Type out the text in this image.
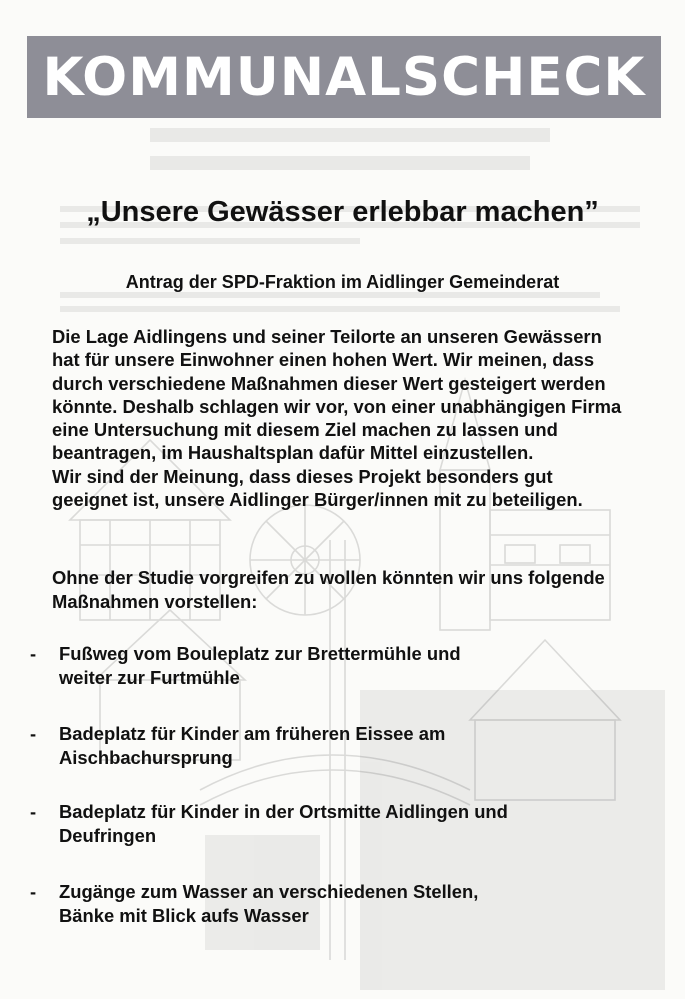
KOMMUNALSCHECK
„Unsere Gewässer erlebbar machen”
Antrag der SPD-Fraktion im Aidlinger Gemeinderat
Die Lage Aidlingens und seiner Teilorte an unseren Gewässern
hat für unsere Einwohner einen hohen Wert. Wir meinen, dass
durch verschiedene Maßnahmen dieser Wert gesteigert werden
könnte. Deshalb schlagen wir vor, von einer unabhängigen Firma
eine Untersuchung mit diesem Ziel machen zu lassen und
beantragen, im Haushaltsplan dafür Mittel einzustellen.
Wir sind der Meinung, dass dieses Projekt besonders gut
geeignet ist, unsere Aidlinger Bürger/innen mit zu beteiligen.
Ohne der Studie vorgreifen zu wollen könnten wir uns folgende
Maßnahmen vorstellen:
- Fußweg vom Bouleplatz zur Brettermühle und
weiter zur Furtmühle
- Badeplatz für Kinder am früheren Eissee am
Aischbachursprung
- Badeplatz für Kinder in der Ortsmitte Aidlingen und
Deufringen
- Zugänge zum Wasser an verschiedenen Stellen,
Bänke mit Blick aufs Wasser
